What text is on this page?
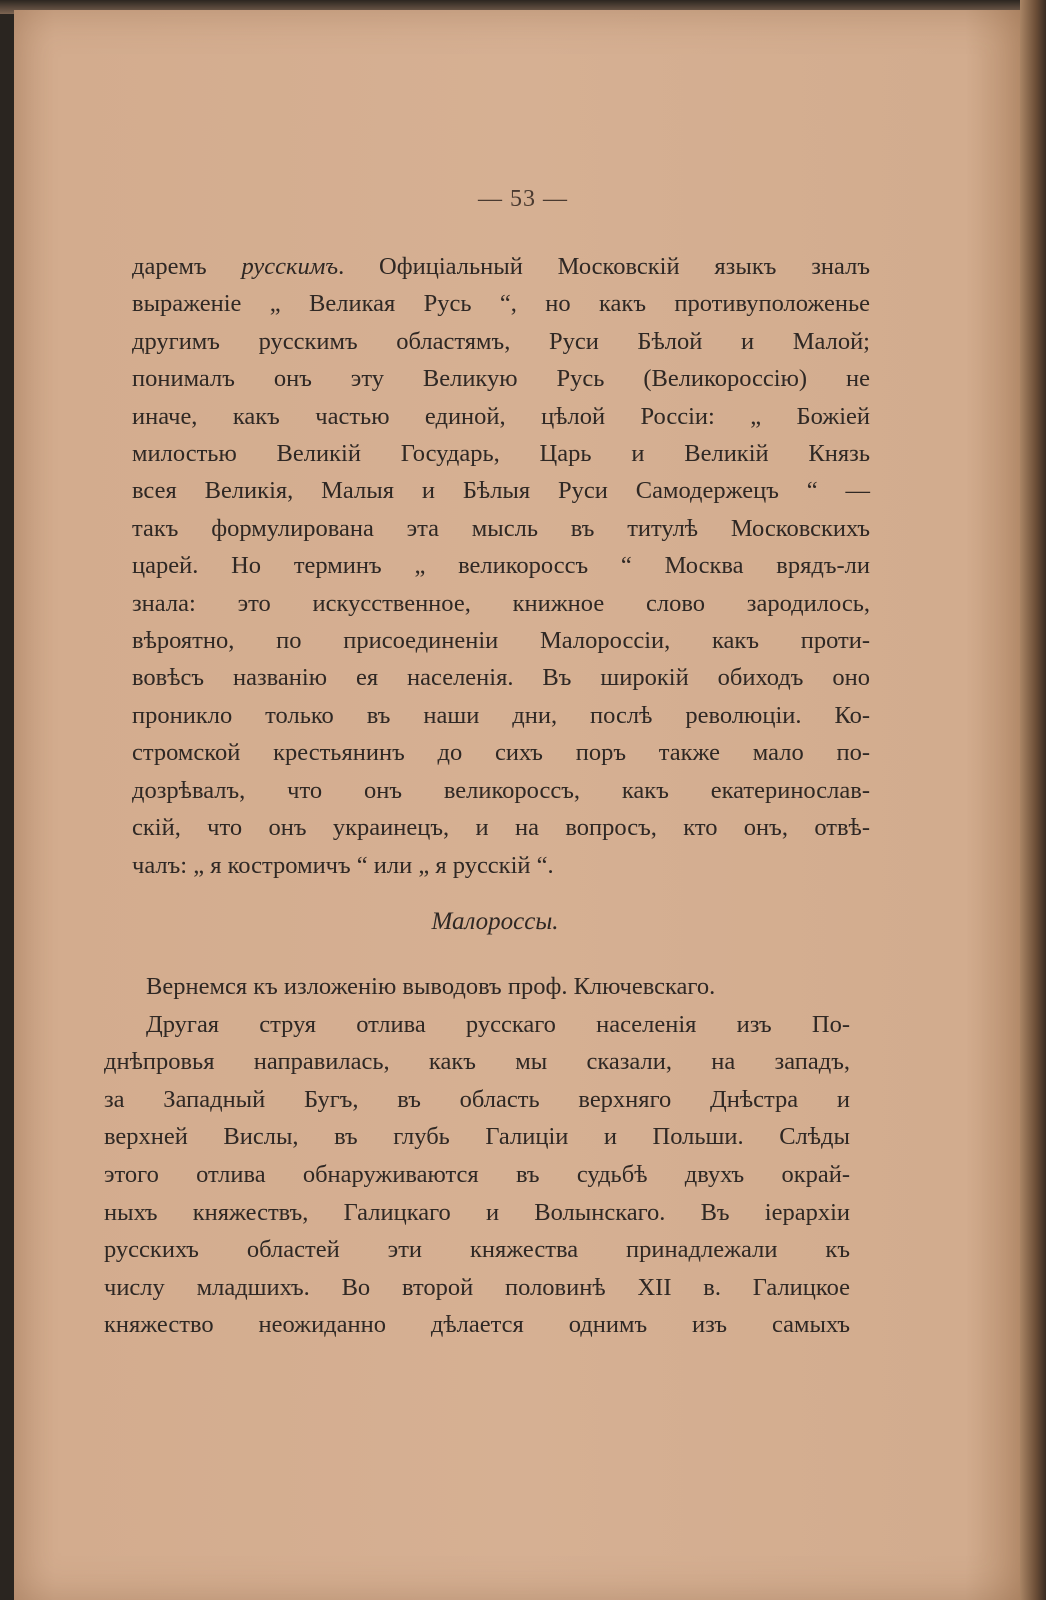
— 53 —
даремъ русскимъ. Офиціальный Московскій языкъ зналъ
выраженіе „ Великая Русь “, но какъ противуположенье
другимъ русскимъ областямъ, Руси Бѣлой и Малой;
понималъ онъ эту Великую Русь (Великороссію) не
иначе, какъ частью единой, цѣлой Россіи: „ Божіей
милостью Великій Государь, Царь и Великій Князь
всея Великія, Малыя и Бѣлыя Руси Самодержецъ “ —
такъ формулирована эта мысль въ титулѣ Московскихъ
царей. Но терминъ „ великороссъ “ Москва врядъ-ли
знала: это искусственное, книжное слово зародилось,
вѣроятно, по присоединеніи Малороссіи, какъ проти-
вовѣсъ названію ея населенія. Въ широкій обиходъ оно
проникло только въ наши дни, послѣ революціи. Ко-
стромской крестьянинъ до сихъ поръ также мало по-
дозрѣвалъ, что онъ великороссъ, какъ екатеринослав-
скій, что онъ украинецъ, и на вопросъ, кто онъ, отвѣ-
чалъ: „ я костромичъ “ или „ я русскій “.
Малороссы.
Вернемся къ изложенію выводовъ проф. Ключевскаго.
Другая струя отлива русскаго населенія изъ По-
днѣпровья направилась, какъ мы сказали, на западъ,
за Западный Бугъ, въ область верхняго Днѣстра и
верхней Вислы, въ глубь Галиціи и Польши. Слѣды
этого отлива обнаруживаются въ судьбѣ двухъ окрай-
ныхъ княжествъ, Галицкаго и Волынскаго. Въ іерархіи
русскихъ областей эти княжества принадлежали къ
числу младшихъ. Во второй половинѣ XII в. Галицкое
княжество неожиданно дѣлается однимъ изъ самыхъ
